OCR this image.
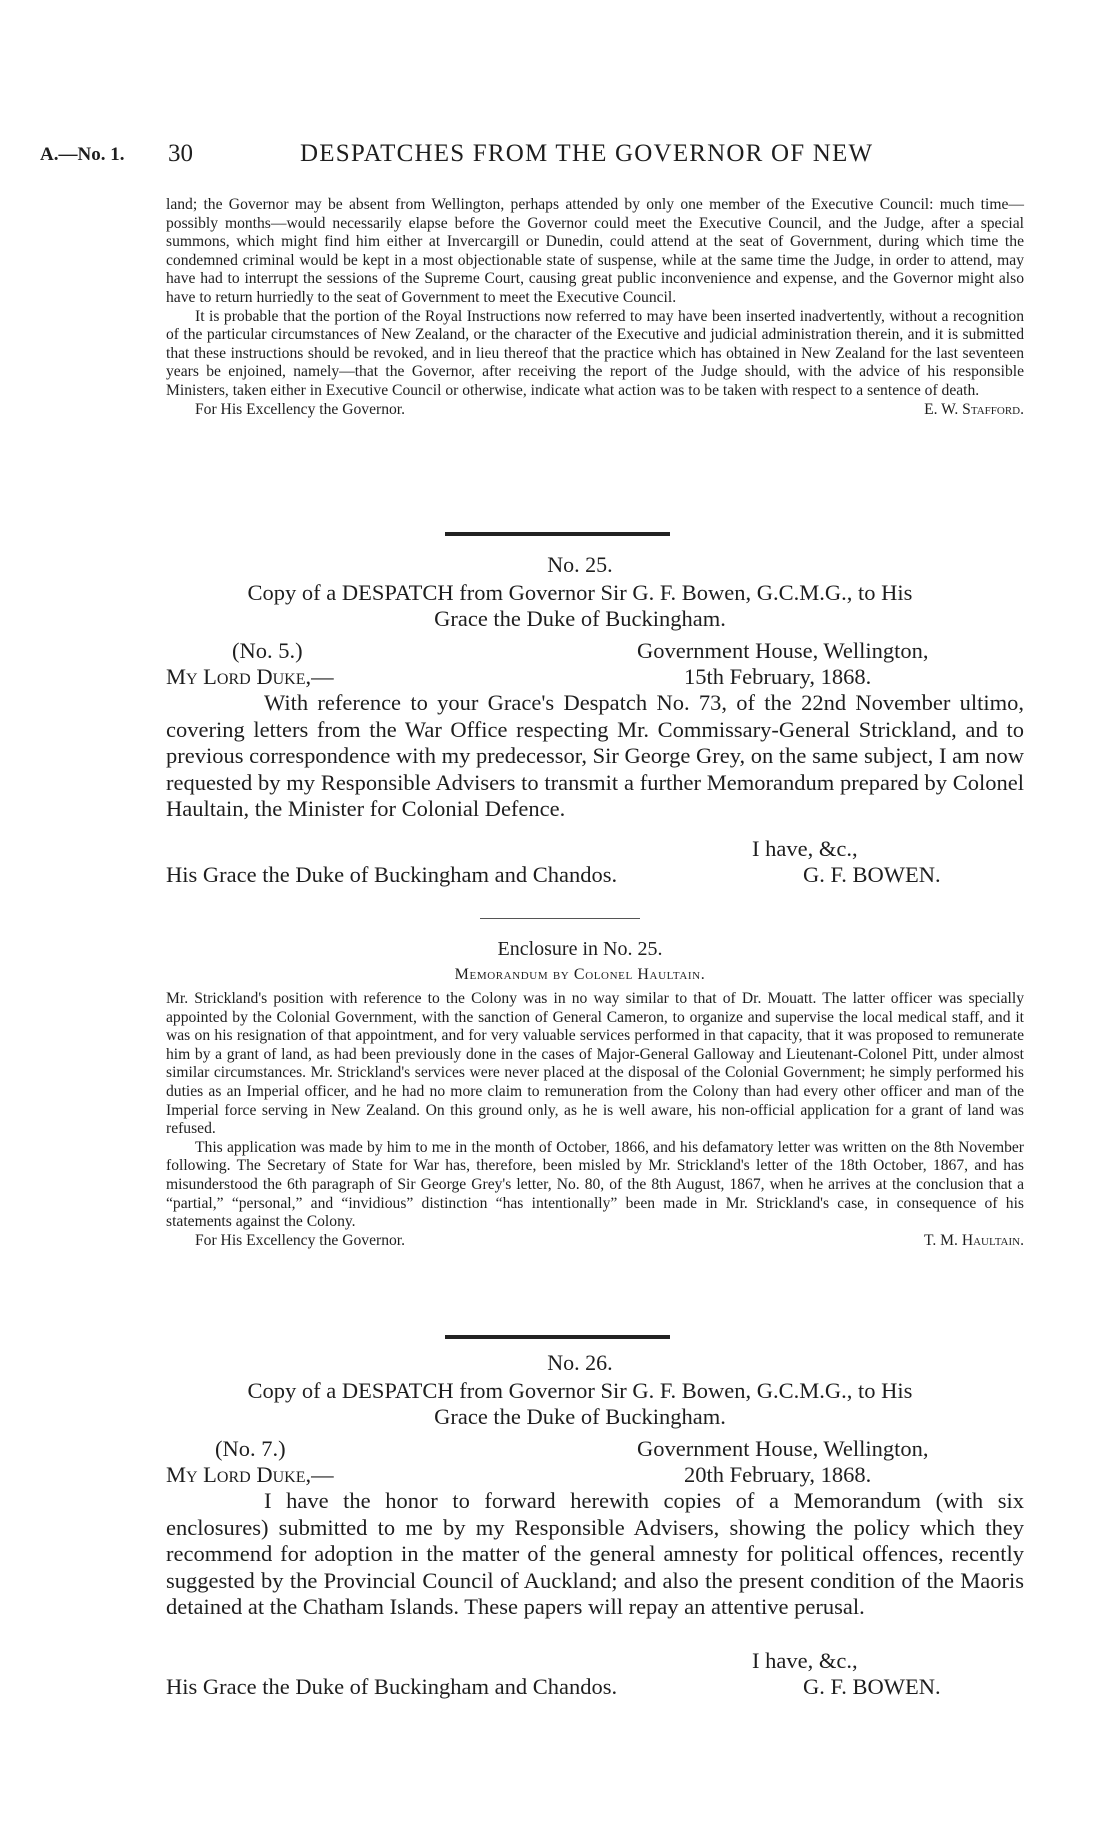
A.—No. 1. 30	DESPATCHES FROM THE GOVERNOR OF NEW

land; the Governor may be absent from Wellington, perhaps attended by only one member of the Executive Council: much time—possibly months—would necessarily elapse before the Governor could meet the Executive Council, and the Judge, after a special summons, which might find him either at Invercargill or Dunedin, could attend at the seat of Government, during which time the condemned criminal would be kept in a most objectionable state of suspense, while at the same time the Judge, in order to attend, may have had to interrupt the sessions of the Supreme Court, causing great public inconvenience and expense, and the Governor might also have to return hurriedly to the seat of Government to meet the Executive Council.

It is probable that the portion of the Royal Instructions now referred to may have been inserted inadvertently, without a recognition of the particular circumstances of New Zealand, or the character of the Executive and judicial administration therein, and it is submitted that these instructions should be revoked, and in lieu thereof that the practice which has obtained in New Zealand for the last seventeen years be enjoined, namely—that the Governor, after receiving the report of the Judge should, with the advice of his responsible Ministers, taken either in Executive Council or otherwise, indicate what action was to be taken with respect to a sentence of death.

For His Excellency the Governor.	E. W. Stafford.
No. 25.
Copy of a DESPATCH from Governor Sir G. F. Bowen, G.C.M.G., to His
Grace the Duke of Buckingham.
(No. 5.)	Government House, Wellington,
My Lord Duke,—	15th February, 1868.

With reference to your Grace's Despatch No. 73, of the 22nd November ultimo, covering letters from the War Office respecting Mr. Commissary-General Strickland, and to previous correspondence with my predecessor, Sir George Grey, on the same subject, I am now requested by my Responsible Advisers to transmit a further Memorandum prepared by Colonel Haultain, the Minister for Colonial Defence.

I have, &c.,
His Grace the Duke of Buckingham and Chandos.	G. F. BOWEN.
Enclosure in No. 25.
Memorandum by Colonel Haultain.

Mr. Strickland's position with reference to the Colony was in no way similar to that of Dr. Mouatt. The latter officer was specially appointed by the Colonial Government, with the sanction of General Cameron, to organize and supervise the local medical staff, and it was on his resignation of that appointment, and for very valuable services performed in that capacity, that it was proposed to remunerate him by a grant of land, as had been previously done in the cases of Major-General Galloway and Lieutenant-Colonel Pitt, under almost similar circumstances. Mr. Strickland's services were never placed at the disposal of the Colonial Government; he simply performed his duties as an Imperial officer, and he had no more claim to remuneration from the Colony than had every other officer and man of the Imperial force serving in New Zealand. On this ground only, as he is well aware, his non-official application for a grant of land was refused.

This application was made by him to me in the month of October, 1866, and his defamatory letter was written on the 8th November following. The Secretary of State for War has, therefore, been misled by Mr. Strickland's letter of the 18th October, 1867, and has misunderstood the 6th paragraph of Sir George Grey's letter, No. 80, of the 8th August, 1867, when he arrives at the conclusion that a “partial,” “personal,” and “invidious” distinction “has intentionally” been made in Mr. Strickland's case, in consequence of his statements against the Colony.

For His Excellency the Governor.	T. M. Haultain.
No. 26.
Copy of a DESPATCH from Governor Sir G. F. Bowen, G.C.M.G., to His
Grace the Duke of Buckingham.
(No. 7.)	Government House, Wellington,
My Lord Duke,—	20th February, 1868.

I have the honor to forward herewith copies of a Memorandum (with six enclosures) submitted to me by my Responsible Advisers, showing the policy which they recommend for adoption in the matter of the general amnesty for political offences, recently suggested by the Provincial Council of Auckland; and also the present condition of the Maoris detained at the Chatham Islands. These papers will repay an attentive perusal.

I have, &c.,
His Grace the Duke of Buckingham and Chandos.	G. F. BOWEN.
